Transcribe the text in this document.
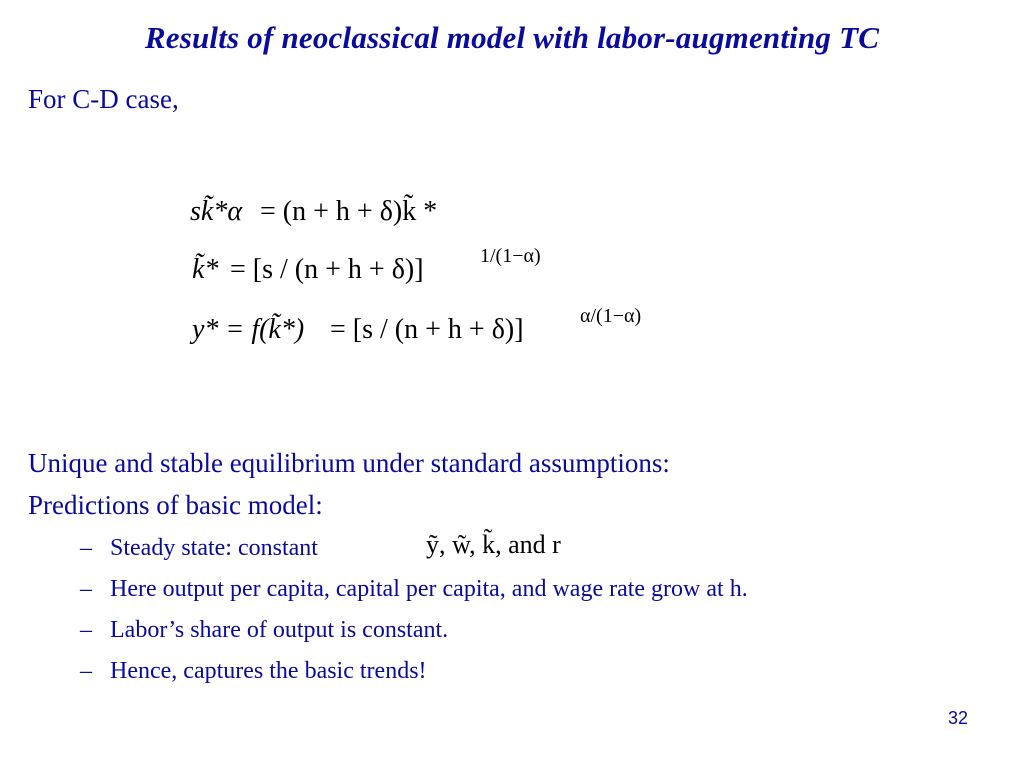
Results of neoclassical model with labor-augmenting TC
For C-D case,
sk̃*α = (n + h + δ)k̃ *
k̃* = [s / (n + h + δ)]	1/(1−α)
y* = f(k̃*) = [s / (n + h + δ)]	α/(1−α)
Unique and stable equilibrium under standard assumptions:
Predictions of basic model:
– Steady state: constant	ỹ, w̃, k̃, and r
– Here output per capita, capital per capita, and wage rate grow at h.
– Labor’s share of output is constant.
– Hence, captures the basic trends!
32
